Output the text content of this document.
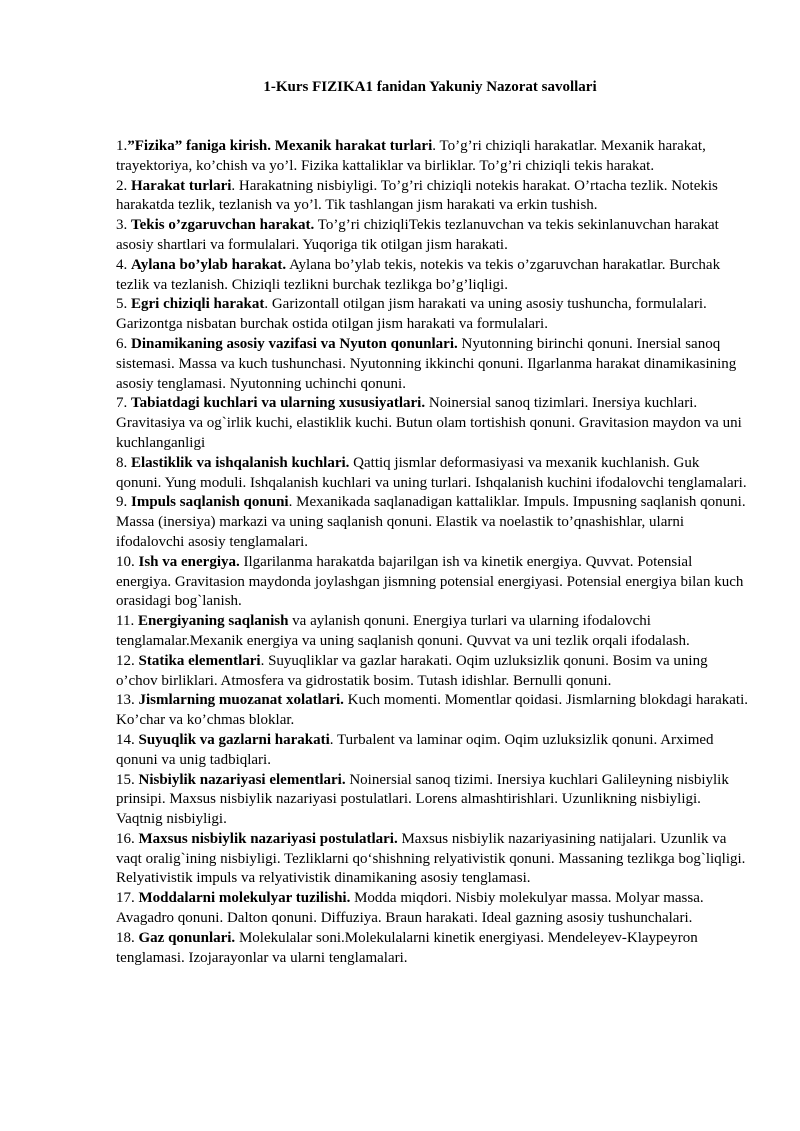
1-Kurs FIZIKA1 fanidan Yakuniy Nazorat savollari

1.”Fizika” faniga kirish. Mexanik harakat turlari. To’g’ri chiziqli harakatlar. Mexanik harakat, trayektoriya, ko’chish va yo’l. Fizika kattaliklar va birliklar. To’g’ri chiziqli tekis harakat.

2. Harakat turlari. Harakatning nisbiyligi. To’g’ri chiziqli notekis harakat. O’rtacha tezlik. Notekis harakatda tezlik, tezlanish va yo’l. Tik tashlangan jism harakati va erkin tushish.

3. Tekis o’zgaruvchan harakat. To’g’ri chiziqliTekis tezlanuvchan va tekis sekinlanuvchan harakat asosiy shartlari va formulalari. Yuqoriga tik otilgan jism harakati.

4. Aylana bo’ylab harakat. Aylana bo’ylab tekis, notekis va tekis o’zgaruvchan harakatlar. Burchak tezlik va tezlanish. Chiziqli tezlikni burchak tezlikga bo’g’liqligi.

5. Egri chiziqli harakat. Garizontall otilgan jism harakati va uning asosiy tushuncha, formulalari. Garizontga nisbatan burchak ostida otilgan jism harakati va formulalari.

6. Dinamikaning asosiy vazifasi va Nyuton qonunlari. Nyutonning birinchi qonuni. Inersial sanoq sistemasi. Massa va kuch tushunchasi. Nyutonning ikkinchi qonuni. Ilgarlanma harakat dinamikasining asosiy tenglamasi. Nyutonning uchinchi qonuni.

7. Tabiatdagi kuchlari va ularning xususiyatlari. Noinersial sanoq tizimlari. Inersiya kuchlari. Gravitasiya va og`irlik kuchi, elastiklik kuchi. Butun olam tortishish qonuni. Gravitasion maydon va uni kuchlanganligi

8. Elastiklik va ishqalanish kuchlari. Qattiq jismlar deformasiyasi va mexanik kuchlanish. Guk qonuni. Yung moduli. Ishqalanish kuchlari va uning turlari. Ishqalanish kuchini ifodalovchi tenglamalari.

9. Impuls saqlanish qonuni. Mexanikada saqlanadigan kattaliklar. Impuls. Impusning saqlanish qonuni. Massa (inersiya) markazi va uning saqlanish qonuni. Elastik va noelastik to’qnashishlar, ularni ifodalovchi asosiy tenglamalari.

10. Ish va energiya. Ilgarilanma harakatda bajarilgan ish va kinetik energiya. Quvvat. Potensial energiya. Gravitasion maydonda joylashgan jismning potensial energiyasi. Potensial energiya bilan kuch orasidagi bog`lanish.

11. Energiyaning saqlanish va aylanish qonuni. Energiya turlari va ularning ifodalovchi tenglamalar.Mexanik energiya va uning saqlanish qonuni. Quvvat va uni tezlik orqali ifodalash.

12. Statika elementlari. Suyuqliklar va gazlar harakati. Oqim uzluksizlik qonuni. Bosim va uning o’chov birliklari. Atmosfera va gidrostatik bosim. Tutash idishlar. Bernulli qonuni.

13. Jismlarning muozanat xolatlari. Kuch momenti. Momentlar qoidasi. Jismlarning blokdagi harakati. Ko’char va ko’chmas bloklar.

14. Suyuqlik va gazlarni harakati. Turbalent va laminar oqim. Oqim uzluksizlik qonuni. Arximed qonuni va unig tadbiqlari.

15. Nisbiylik nazariyasi elementlari. Noinersial sanoq tizimi. Inersiya kuchlari Galileyning nisbiylik prinsipi. Maxsus nisbiylik nazariyasi postulatlari. Lorens almashtirishlari. Uzunlikning nisbiyligi. Vaqtnig nisbiyligi.

16. Maxsus nisbiylik nazariyasi postulatlari. Maxsus nisbiylik nazariyasining natijalari. Uzunlik va vaqt oralig`ining nisbiyligi. Tezliklarni qo‘shishning relyativistik qonuni. Massaning tezlikga bog`liqligi. Relyativistik impuls va relyativistik dinamikaning asosiy tenglamasi.

17. Moddalarni molekulyar tuzilishi. Modda miqdori. Nisbiy molekulyar massa. Molyar massa. Avagadro qonuni. Dalton qonuni. Diffuziya. Braun harakati. Ideal gazning asosiy tushunchalari.

18. Gaz qonunlari. Molekulalar soni.Molekulalarni kinetik energiyasi. Mendeleyev-Klaypeyron tenglamasi. Izojarayonlar va ularni tenglamalari.
